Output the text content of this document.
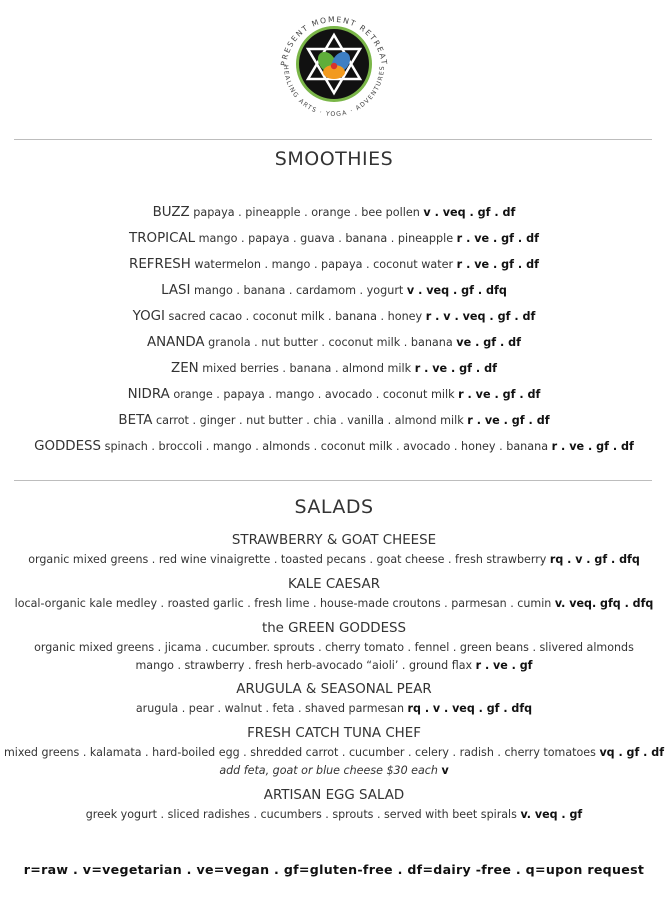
PRESENT MOMENT RETREAT
HEALING ARTS · YOGA · ADVENTURES
SMOOTHIES
BUZZ papaya . pineapple . orange . bee pollen v . veq . gf . df
TROPICAL mango . papaya . guava . banana . pineapple r . ve . gf . df
REFRESH watermelon . mango . papaya . coconut water r . ve . gf . df
LASI mango . banana . cardamom . yogurt v . veq . gf . dfq
YOGI sacred cacao . coconut milk . banana . honey r . v . veq . gf . df
ANANDA granola . nut butter . coconut milk . banana ve . gf . df
ZEN mixed berries . banana . almond milk r . ve . gf . df
NIDRA orange . papaya . mango . avocado . coconut milk r . ve . gf . df
BETA carrot . ginger . nut butter . chia . vanilla . almond milk r . ve . gf . df
GODDESS spinach . broccoli . mango . almonds . coconut milk . avocado . honey . banana r . ve . gf . df
SALADS
STRAWBERRY & GOAT CHEESE
organic mixed greens . red wine vinaigrette . toasted pecans . goat cheese . fresh strawberry rq . v . gf . dfq
KALE CAESAR
local-organic kale medley . roasted garlic . fresh lime . house-made croutons . parmesan . cumin v. veq. gfq . dfq
the GREEN GODDESS
organic mixed greens . jicama . cucumber. sprouts . cherry tomato . fennel . green beans . slivered almonds
mango . strawberry . fresh herb-avocado “aioli’ . ground flax r . ve . gf
ARUGULA & SEASONAL PEAR
arugula . pear . walnut . feta . shaved parmesan rq . v . veq . gf . dfq
FRESH CATCH TUNA CHEF
mixed greens . kalamata . hard-boiled egg . shredded carrot . cucumber . celery . radish . cherry tomatoes vq . gf . df
add feta, goat or blue cheese $30 each v
ARTISAN EGG SALAD
greek yogurt . sliced radishes . cucumbers . sprouts . served with beet spirals v. veq . gf
r=raw . v=vegetarian . ve=vegan . gf=gluten-free . df=dairy -free . q=upon request
